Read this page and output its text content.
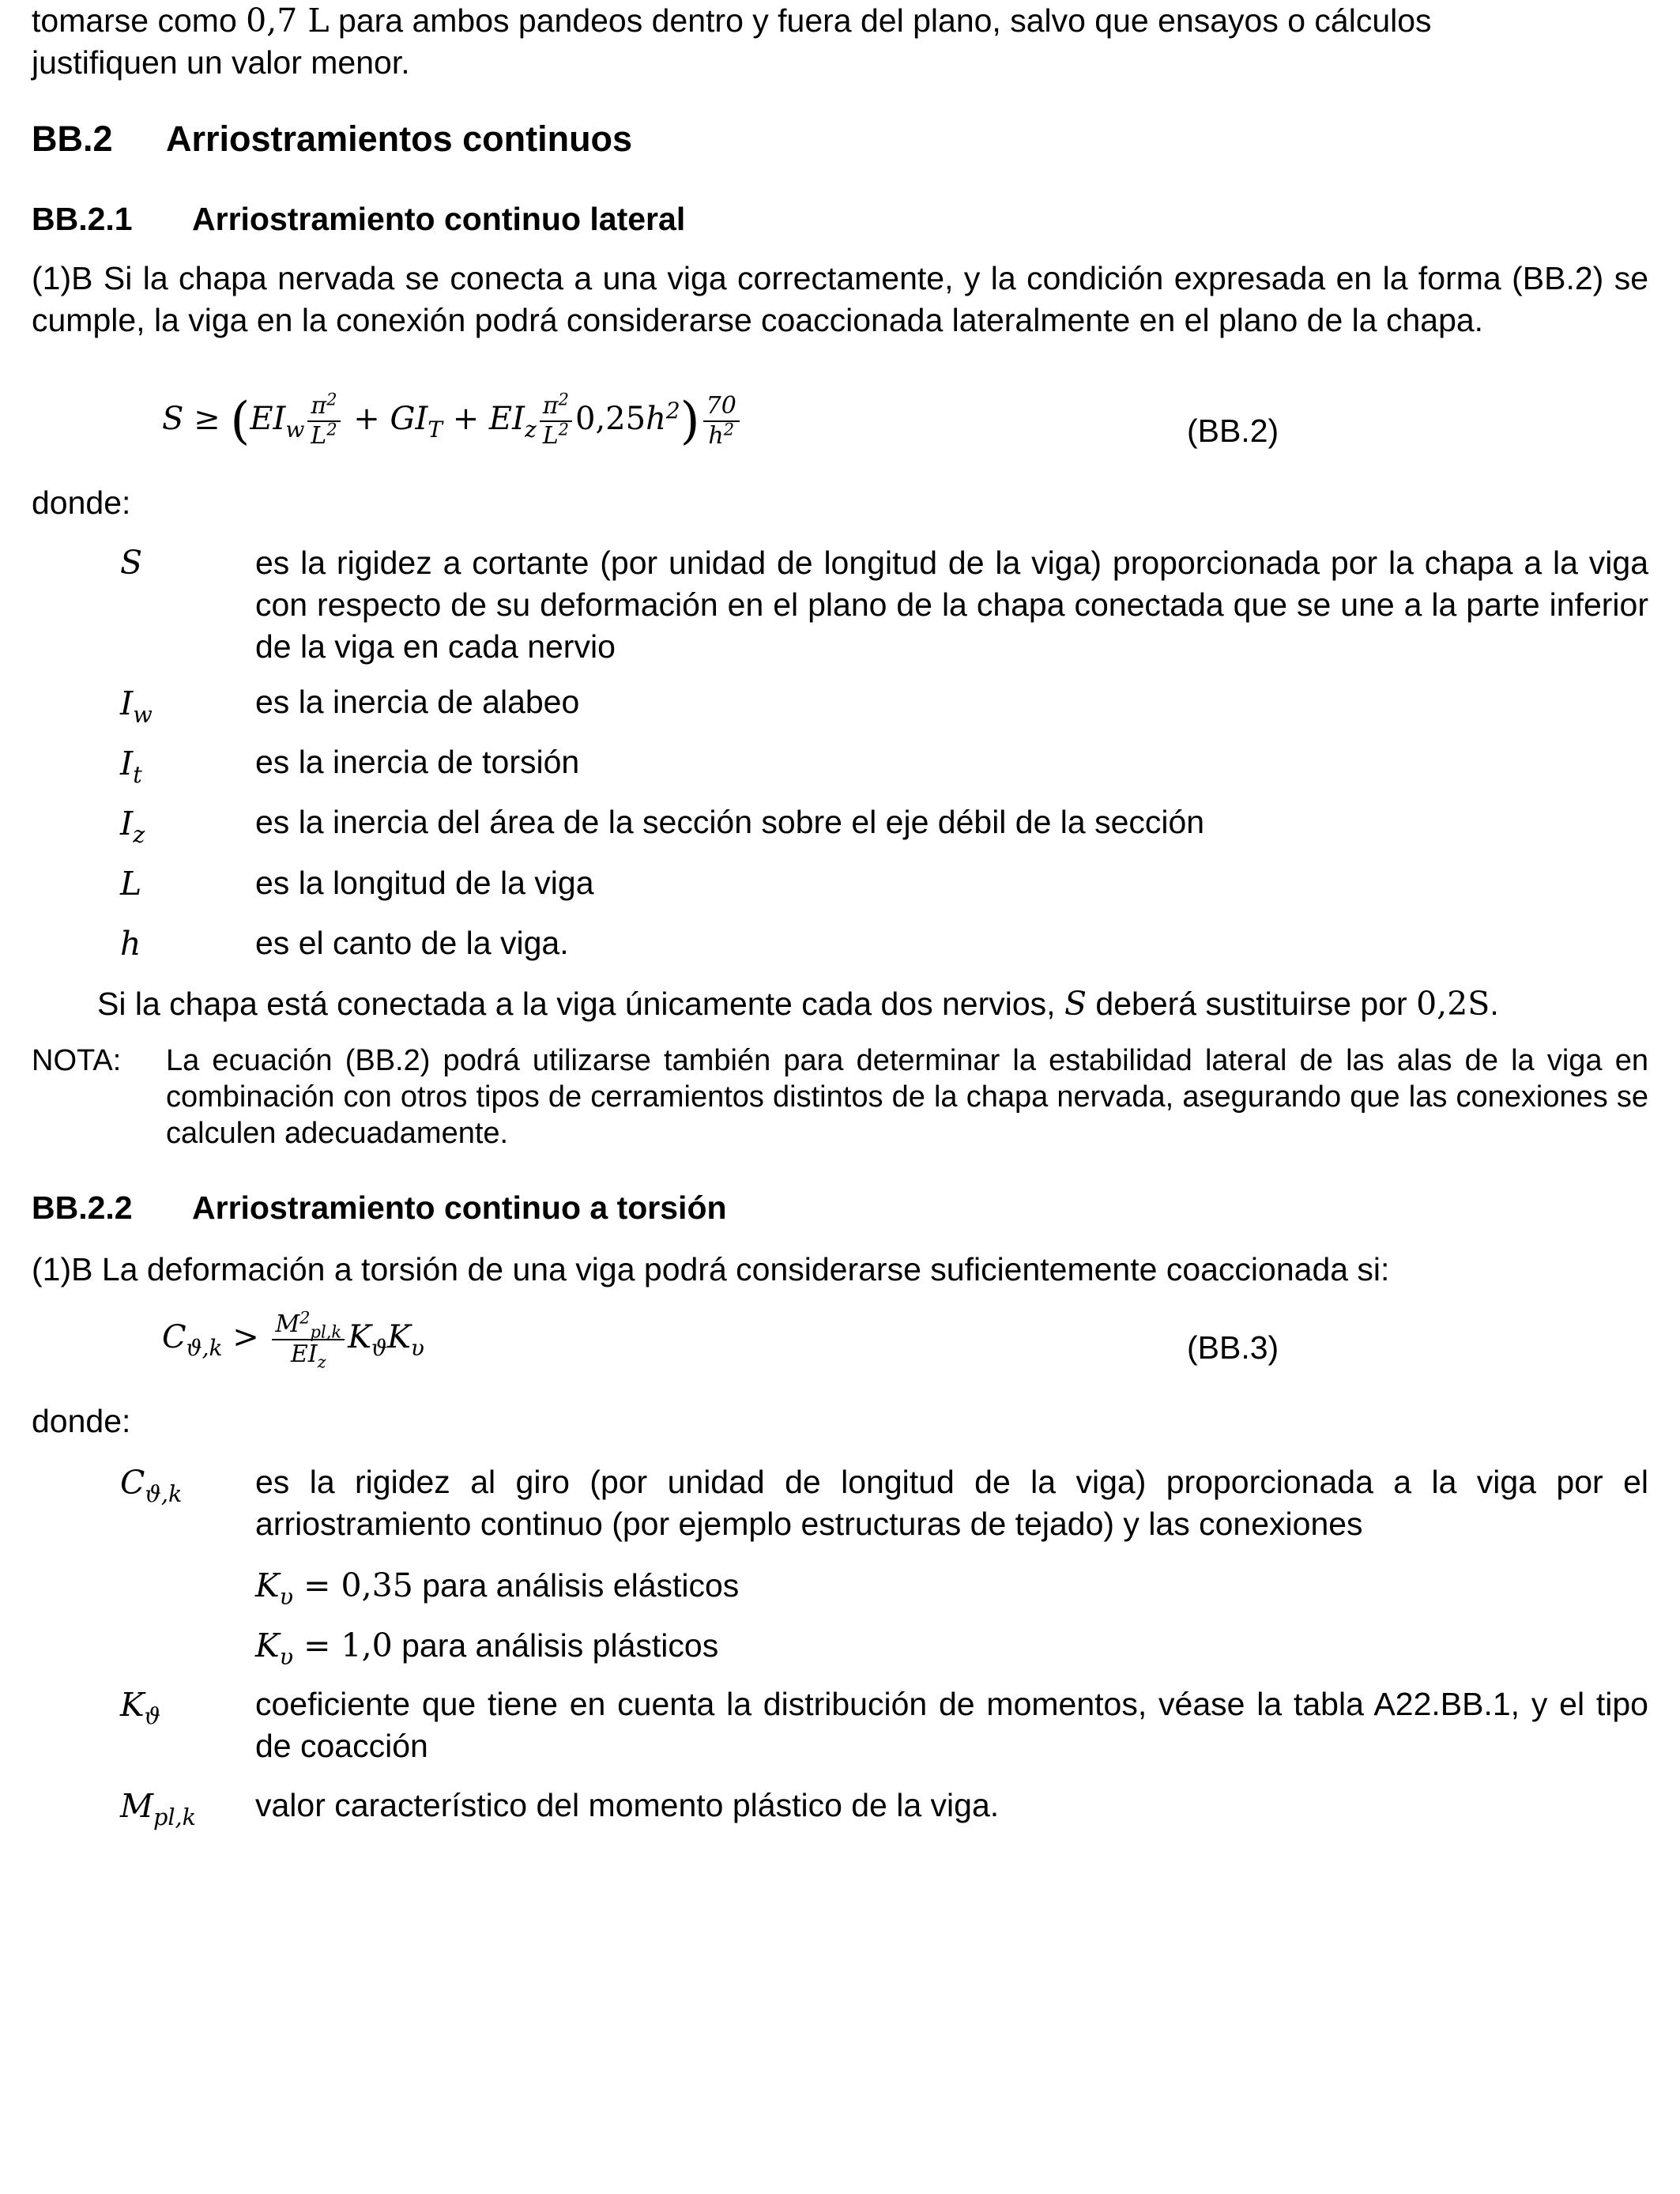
tomarse como 0,7 L para ambos pandeos dentro y fuera del plano, salvo que ensayos o cálculos
justifiquen un valor menor.
BB.2 Arriostramientos continuos
BB.2.1 Arriostramiento continuo lateral
(1)B Si la chapa nervada se conecta a una viga correctamente, y la condición expresada en la forma (BB.2) se cumple, la viga en la conexión podrá considerarse coaccionada lateralmente en el plano de la chapa.
$S \ge (EI_w \frac{\pi^2}{L^2} + GI_T + EI_z \frac{\pi^2}{L^2} 0,25h^2) \frac{70}{h^2}$	(BB.2)
donde:
S	es la rigidez a cortante (por unidad de longitud de la viga) proporcionada por la chapa a la viga con respecto de su deformación en el plano de la chapa conectada que se une a la parte inferior de la viga en cada nervio
$I_w$	es la inercia de alabeo
$I_t$	es la inercia de torsión
$I_z$	es la inercia del área de la sección sobre el eje débil de la sección
L	es la longitud de la viga
h	es el canto de la viga.
Si la chapa está conectada a la viga únicamente cada dos nervios, S deberá sustituirse por 0,2S.
NOTA: La ecuación (BB.2) podrá utilizarse también para determinar la estabilidad lateral de las alas de la viga en combinación con otros tipos de cerramientos distintos de la chapa nervada, asegurando que las conexiones se calculen adecuadamente.
BB.2.2 Arriostramiento continuo a torsión
(1)B La deformación a torsión de una viga podrá considerarse suficientemente coaccionada si:
$C_{ϑ,k} > \frac{M^2_{pl,k}}{EI_z} K_ϑK_\upsilon$	(BB.3)
donde:
$C_{ϑ,k}$ es la rigidez al giro (por unidad de longitud de la viga) proporcionada a la viga por el arriostramiento continuo (por ejemplo estructuras de tejado) y las conexiones
$K_\upsilon = 0,35$ para análisis elásticos
$K_\upsilon = 1,0$ para análisis plásticos
$K_ϑ$	coeficiente que tiene en cuenta la distribución de momentos, véase la tabla A22.BB.1, y el tipo de coacción
$M_{pl,k}$ valor característico del momento plástico de la viga.
